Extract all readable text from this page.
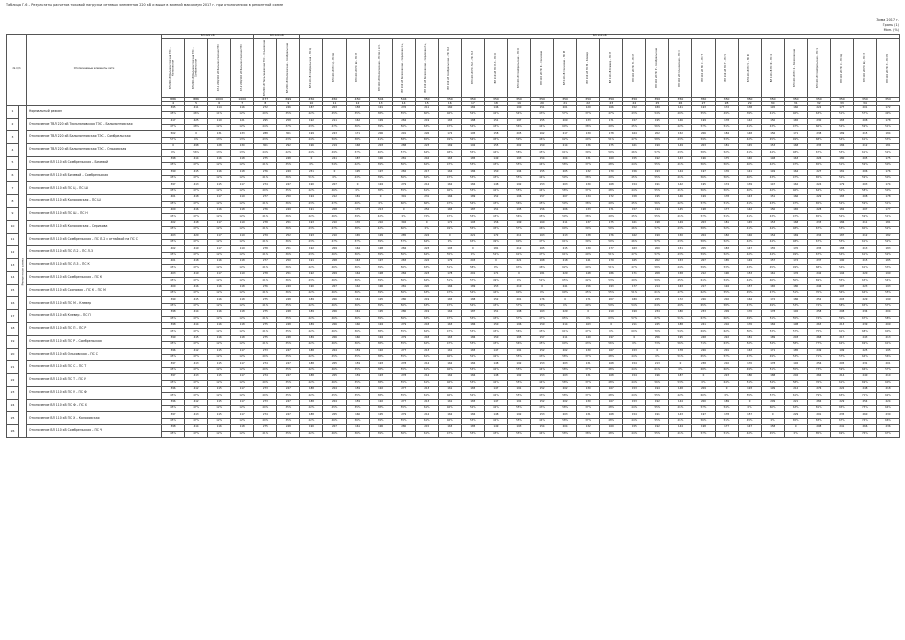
Таблица Г.6 – Результаты расчетов токовой нагрузки сетевых элементов 220 кВ и выше в зимний максимум 2017 г. при отключениях в ремонтной схеме
Зима 2017 г.
Грань (1)
Мин. (%)
№ п/п		Отключаемые элементы сети	ВЛ 220 кВ				ВЛ 220 кВ		ВЛ 110 кВ																									

			ВЛ 220 кВ Бальмонтовская ТЭС – Колосовская	ВЛ 220 кВ Бальмонтовская ТЭС – Сомбрельская	АТ-1 220/110 кВ Бальмонтовская ТЭС	АТ-2 220/110 кВ Бальмонтовская ТЭС	ВЛ 220 кВ Тюльпановская ТЭС – Ольховская	ВЛ 220 кВ Колосовская – Сомбрельская	ВЛ 110 кВ Сомбрельская – ПС Ц	ВЛ 110 кВ ПС Ц – ПС Ш	ВЛ 110 кВ ПС Ш – ПС Н	ВЛ 110 кВ Колосовская – ПС Ш с отп.	ВЛ 110 кВ Колосовская – Серикова 1 ц.	ВЛ 110 кВ Колосовская – Серикова 2 ц.	ВЛ 110 кВ Сомбрельская – ПС Л-2	ВЛ 110 кВ ПС Л-2 – ПС Л-3	ВЛ 110 кВ ПС Л-3 – ПС К	ВЛ 110 кВ Сомбрельская – ПС К	ВЛ 110 кВ ПС К – Сосновая	ВЛ 110 кВ Сосновая – ПС М	ВЛ 110 кВ ПС М – Клевер	ВЛ 110 кВ Клевер – ПС П	ВЛ 110 кВ ПС П – ПС Р	ВЛ 110 кВ ПС Р – Сомбрельская	ВЛ 110 кВ Ольховская – ПС С	ВЛ 110 кВ ПС С – ПС Т	ВЛ 110 кВ ПС Т – ПС У	ВЛ 110 кВ ПС У – ПС Ф	ВЛ 110 кВ ПС Ф – ПС Х	ВЛ 110 кВ ПС Х – Колосовская	ВЛ 110 кВ Сомбрельская – ПС Ч	ВЛ 110 кВ ПС Ч – ПС Щ	ВЛ 110 кВ ПС Щ – ПС Э	ВЛ 110 кВ ПС Э – ПС Ю

			886	886	1000	1000	677	699	450	450	450	504	504	350	350	350	350	350	350	350	350	350	350	350	350	350	350	350	350	350	350	350	350	350
			4	5	6	7	8	9	10	11	12	13	14	15	16	17	18	19	20	21	22	23	24	25	26	27	28	29	30	31	32	33	34	
1	Ремонтная схема	Нормальный режим	395	411	114	116	272	246	187	203	158	191	276	211	160	182	146	190	151	201	129	166	152	189	141	193	172	138	145	160	222	177	201	172
			45%	46%	11%	12%	40%	35%	42%	45%	35%	38%	55%	60%	46%	52%	42%	54%	43%	57%	37%	47%	43%	54%	40%	55%	49%	39%	41%	46%	63%	51%	57%	49%
2		Отключение ТВЛ 220 кВ Тюльпановская ТЭС – Бальмонтовская	417	425	119	121	295	258	192	211	162	199	284	219	165	188	151	197	155	209	133	171	157	195	146	199	178	142	150	165	230	183	208	178
			47%	48%	12%	12%	44%	37%	43%	47%	36%	39%	56%	63%	47%	54%	43%	56%	44%	60%	38%	49%	45%	56%	42%	57%	51%	41%	43%	47%	66%	52%	59%	51%
3		Отключение ТВЛ 220 кВ Бальмонтовская ТЭС – Сомбрельская	502	0	131	133	288	301	199	223	171	206	291	226	172	195	158	205	162	217	139	178	164	202	152	206	184	148	156	171	238	189	215	184
			57%	0%	13%	13%	43%	43%	44%	50%	38%	41%	58%	65%	49%	56%	45%	59%	46%	62%	40%	51%	47%	58%	43%	59%	53%	42%	45%	49%	68%	54%	61%	53%
4		Отключение ТВЛ 220 кВ Бальмонтовская ТЭС – Ольховская	0	498	128	130	301	292	196	219	168	203	288	223	169	192	155	202	159	214	136	175	161	199	149	203	181	145	153	168	235	186	212	181
			0%	56%	13%	13%	44%	42%	44%	49%	37%	40%	57%	64%	48%	55%	44%	58%	45%	61%	39%	50%	46%	57%	43%	58%	52%	41%	44%	48%	67%	53%	61%	52%
5		Отключение ВЛ 110 кВ Сомбрельская – Бичевой	398	414	116	118	275	248	0	241	187	196	281	216	163	185	149	193	154	204	131	169	155	192	143	196	175	140	148	163	226	180	205	175
			45%	47%	12%	12%	41%	35%	0%	54%	42%	39%	56%	62%	47%	53%	43%	55%	44%	58%	37%	48%	44%	55%	41%	56%	50%	40%	42%	47%	65%	51%	59%	50%
6		Отключение ВЛ 110 кВ Бичевой – Сомбрельская	399	415	116	118	276	249	231	0	195	197	282	217	164	186	150	194	155	205	132	170	156	193	144	197	176	141	149	164	227	181	206	176
			45%	47%	12%	12%	41%	36%	51%	0%	43%	39%	56%	62%	47%	53%	43%	55%	44%	59%	38%	49%	45%	55%	41%	56%	50%	40%	43%	47%	65%	52%	59%	50%
7		Отключение ВЛ 110 кВ ПС Ц – ПС Ш	397	413	115	117	274	247	190	207	0	194	279	214	162	184	148	192	153	203	130	168	154	191	142	195	174	139	147	162	224	179	203	174
			45%	47%	12%	12%	40%	35%	42%	46%	0%	38%	55%	61%	46%	53%	42%	55%	44%	58%	37%	48%	44%	55%	41%	56%	50%	40%	42%	46%	64%	51%	58%	50%
8		Отключение ВЛ 110 кВ Колосовская – ПС Ш	401	418	117	119	277	250	194	212	181	0	301	231	166	189	152	196	157	207	134	172	158	195	146	199	178	143	151	166	229	183	208	178
			45%	47%	12%	12%	41%	36%	43%	47%	40%	0%	60%	66%	47%	54%	43%	56%	45%	59%	38%	49%	45%	56%	42%	57%	51%	41%	43%	47%	65%	52%	59%	51%
9		Отключение ВЛ 110 кВ ПС Ш – ПС Н	400	416	116	118	276	249	191	208	175	213	0	252	165	187	151	195	156	206	133	171	157	194	145	198	177	142	150	165	228	182	207	177
			45%	47%	12%	12%	41%	36%	42%	46%	39%	42%	0%	72%	47%	53%	43%	56%	45%	59%	38%	49%	45%	55%	41%	57%	51%	41%	43%	47%	65%	52%	59%	51%
10		Отключение ВЛ 110 кВ Колосовская – Серикова	402	418	117	119	278	251	193	210	170	210	302	0	171	193	156	199	160	211	137	175	161	198	149	203	181	145	153	168	233	186	211	181
			45%	47%	12%	12%	41%	36%	43%	47%	38%	42%	60%	0%	49%	55%	45%	57%	46%	60%	39%	50%	46%	57%	43%	58%	52%	41%	44%	48%	67%	53%	60%	52%
11		Отключение ВЛ 110 кВ Сомбрельская – ПС Л-2 с отпайкой на ПС С	403	420	117	119	279	252	193	210	165	199	285	224	0	221	172	211	163	213	138	176	162	199	150	204	182	146	154	169	234	187	212	182
			45%	47%	12%	12%	41%	36%	43%	47%	37%	39%	57%	64%	0%	63%	49%	60%	47%	61%	39%	50%	46%	57%	43%	58%	52%	42%	44%	48%	67%	53%	61%	52%
12		Отключение ВЛ 110 кВ ПС Л-2 – ПС Л-3	402	419	117	119	278	251	192	209	164	198	284	223	193	0	181	212	165	215	139	177	163	200	151	205	183	147	155	170	235	188	213	183
			45%	47%	12%	12%	41%	36%	43%	46%	36%	39%	56%	64%	55%	0%	52%	61%	47%	61%	40%	51%	47%	57%	43%	59%	52%	42%	44%	49%	67%	54%	61%	52%
13		Отключение ВЛ 110 кВ ПС Л-3 – ПС К	401	418	116	118	277	250	191	208	163	197	283	222	179	203	0	221	168	218	141	179	165	202	153	207	185	149	157	172	237	190	215	185
			45%	47%	12%	12%	41%	36%	42%	46%	36%	39%	56%	63%	51%	58%	0%	63%	48%	62%	40%	51%	47%	58%	44%	59%	53%	43%	45%	49%	68%	54%	61%	53%
14		Отключение ВЛ 110 кВ Сомбрельская – ПС К	403	419	117	119	278	251	192	209	164	198	284	223	178	201	171	0	181	229	148	186	171	208	158	212	190	153	161	176	242	194	220	190
			45%	47%	12%	12%	41%	36%	43%	46%	36%	39%	56%	64%	51%	57%	49%	0%	52%	65%	42%	53%	49%	59%	45%	61%	54%	44%	46%	50%	69%	55%	63%	54%
15		Отключение ВЛ 110 кВ Сосновая – ПС К – ПС М	400	416	116	118	276	249	190	207	162	196	281	220	166	189	153	210	0	241	156	193	177	214	163	217	194	157	165	180	246	197	223	193
			45%	47%	12%	12%	41%	36%	42%	46%	36%	39%	56%	63%	47%	54%	44%	60%	0%	69%	45%	55%	51%	61%	47%	62%	55%	45%	47%	51%	70%	56%	64%	55%
16		Отключение ВЛ 110 кВ ПС М – Клевер	399	415	116	118	275	248	189	206	161	195	280	219	165	188	152	201	176	0	171	207	189	225	172	226	202	164	172	186	252	203	229	199
			45%	47%	12%	12%	41%	35%	42%	46%	36%	39%	56%	63%	47%	54%	43%	57%	50%	0%	49%	59%	54%	64%	49%	65%	58%	47%	49%	53%	72%	58%	65%	57%
17		Отключение ВЛ 110 кВ Клевер – ПС П	398	414	116	118	275	248	189	206	161	195	280	219	164	187	151	198	163	229	0	219	199	234	180	233	209	170	178	192	258	208	234	204
			45%	47%	12%	12%	41%	35%	42%	46%	36%	39%	56%	63%	47%	53%	43%	57%	47%	65%	0%	63%	57%	67%	51%	67%	60%	49%	51%	55%	74%	59%	67%	58%
18		Отключение ВЛ 110 кВ ПС П – ПС Р	398	414	116	118	275	248	189	206	160	194	279	218	163	186	150	196	159	214	163	0	211	245	188	241	216	176	184	198	263	213	239	209
			45%	47%	12%	12%	41%	35%	42%	46%	36%	38%	55%	62%	47%	53%	43%	56%	45%	61%	47%	0%	60%	70%	54%	69%	62%	50%	53%	57%	75%	61%	68%	60%
19		Отключение ВЛ 110 кВ ПС Р – Сомбрельская	399	415	116	118	275	248	189	206	160	194	279	218	163	186	150	195	157	211	149	197	0	256	195	248	222	181	189	203	268	217	243	213
			45%	47%	12%	12%	41%	35%	42%	46%	36%	38%	55%	62%	47%	53%	43%	56%	45%	60%	43%	56%	0%	73%	56%	71%	63%	52%	54%	58%	77%	62%	69%	61%
20		Отключение ВЛ 110 кВ Ольховская – ПС С	396	412	115	117	273	247	188	204	159	192	277	213	161	183	147	191	152	202	130	167	153	0	178	226	201	163	171	185	249	199	225	195
			45%	47%	12%	12%	40%	35%	42%	45%	35%	38%	55%	61%	46%	52%	42%	55%	43%	58%	37%	48%	44%	0%	51%	65%	57%	47%	49%	53%	71%	57%	64%	56%
21		Отключение ВЛ 110 кВ ПС С – ПС Т	397	413	115	117	274	247	188	205	159	193	278	214	162	184	148	192	153	203	131	168	154	213	0	238	210	170	178	192	256	205	231	201
			45%	47%	12%	12%	40%	35%	42%	46%	35%	38%	55%	61%	46%	53%	42%	55%	44%	58%	37%	48%	44%	61%	0%	68%	60%	49%	51%	55%	73%	59%	66%	57%
22		Отключение ВЛ 110 кВ ПС Т – ПС У	397	413	115	117	274	247	188	205	159	193	278	214	162	184	148	192	153	203	131	168	154	196	187	0	223	180	188	202	266	214	240	210
			45%	47%	12%	12%	40%	35%	42%	46%	35%	38%	55%	61%	46%	53%	42%	55%	44%	58%	37%	48%	44%	56%	53%	0%	64%	51%	54%	58%	76%	61%	69%	60%
23		Отключение ВЛ 110 кВ ПС У – ПС Ф	396	412	115	117	273	247	188	204	159	192	277	213	161	183	147	191	152	202	130	167	153	194	148	209	0	193	199	212	276	222	248	218
			45%	47%	12%	12%	40%	35%	42%	45%	35%	38%	55%	61%	46%	52%	42%	55%	43%	58%	37%	48%	44%	55%	42%	60%	0%	55%	57%	61%	79%	63%	71%	62%
24		Отключение ВЛ 110 кВ ПС Ф – ПС Х	396	412	115	117	273	247	188	204	159	192	277	213	161	183	147	191	152	202	130	167	153	192	144	200	189	0	209	221	284	229	254	224
			45%	47%	12%	12%	40%	35%	42%	45%	35%	38%	55%	61%	46%	52%	42%	55%	43%	58%	37%	48%	44%	55%	41%	57%	54%	0%	60%	63%	81%	65%	73%	64%
25		Отключение ВЛ 110 кВ ПС Х – Колосовская	397	413	115	117	274	247	188	205	160	195	279	214	162	184	148	192	153	203	131	168	154	191	143	197	178	157	0	229	291	235	260	230
			45%	47%	12%	12%	40%	35%	42%	46%	36%	39%	55%	61%	46%	53%	42%	55%	44%	58%	37%	48%	44%	55%	41%	56%	51%	45%	0%	65%	83%	67%	74%	66%
26		Отключение ВЛ 110 кВ Сомбрельская – ПС Ч	398	414	116	118	275	248	190	207	161	196	280	215	163	185	149	193	154	204	132	169	155	192	144	198	177	147	158	0	298	241	266	236
			45%	47%	12%	12%	41%	35%	42%	46%	36%	39%	56%	61%	47%	53%	43%	55%	44%	58%	38%	48%	44%	55%	41%	57%	51%	42%	45%	0%	85%	69%	76%	67%
